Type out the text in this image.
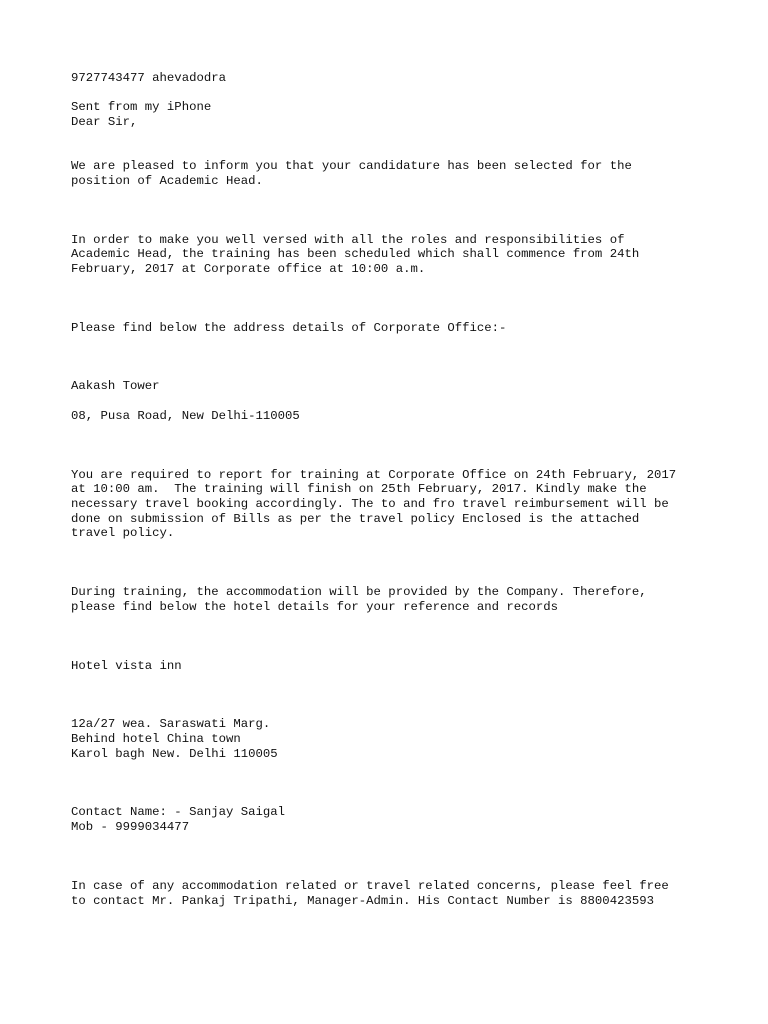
9727743477 ahevadodra
Sent from my iPhone
Dear Sir,
We are pleased to inform you that your candidature has been selected for the
position of Academic Head.
In order to make you well versed with all the roles and responsibilities of
Academic Head, the training has been scheduled which shall commence from 24th
February, 2017 at Corporate office at 10:00 a.m.
Please find below the address details of Corporate Office:-
Aakash Tower
08, Pusa Road, New Delhi-110005
You are required to report for training at Corporate Office on 24th February, 2017
at 10:00 am.  The training will finish on 25th February, 2017. Kindly make the
necessary travel booking accordingly. The to and fro travel reimbursement will be
done on submission of Bills as per the travel policy Enclosed is the attached
travel policy.
During training, the accommodation will be provided by the Company. Therefore,
please find below the hotel details for your reference and records
Hotel vista inn
12a/27 wea. Saraswati Marg.
Behind hotel China town
Karol bagh New. Delhi 110005
Contact Name: - Sanjay Saigal
Mob - 9999034477
In case of any accommodation related or travel related concerns, please feel free
to contact Mr. Pankaj Tripathi, Manager-Admin. His Contact Number is 8800423593
